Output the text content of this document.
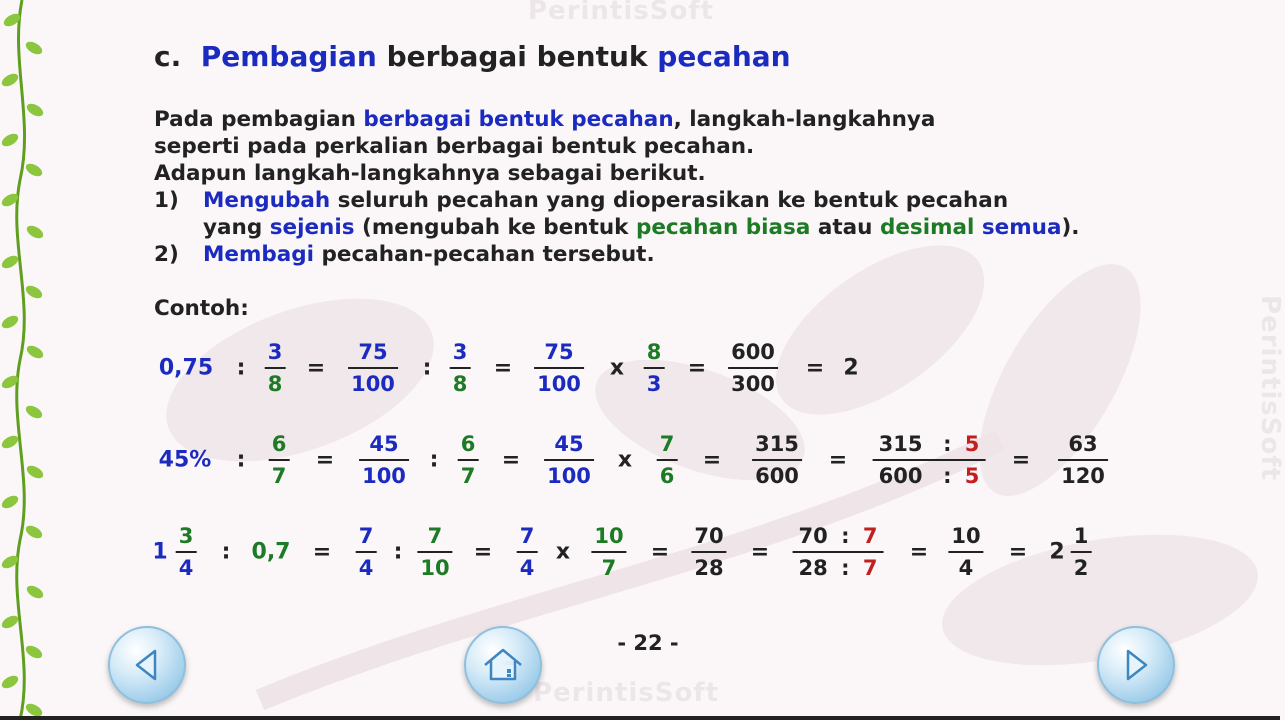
PerintisSoft
PerintisSoft
PerintisSoft
c. Pembagian berbagai bentuk pecahan
Pada pembagian berbagai bentuk pecahan, langkah-langkahnya
seperti pada perkalian berbagai bentuk pecahan.
Adapun langkah-langkahnya sebagai berikut.
1) Mengubah seluruh pecahan yang dioperasikan ke bentuk pecahan
yang sejenis (mengubah ke bentuk pecahan biasa atau desimal semua).
2) Membagi pecahan-pecahan tersebut.
Contoh:
0,75 :
3
8
=
75
100
:
3
8
=
75
100
x
8
3
=
600
300
= 2
45% :
6
7
=
45
100
:
6
7
=
45
100
x
7
6
=
315
600
=
315 : 5
600 : 5
=
63
120
1
3
4
: 0,7 =
7
4
:
7
10
=
7
4
x
10
7
=
70
28
=
70 : 7
28 : 7
=
10
4
= 2
1
2
- 22 -
